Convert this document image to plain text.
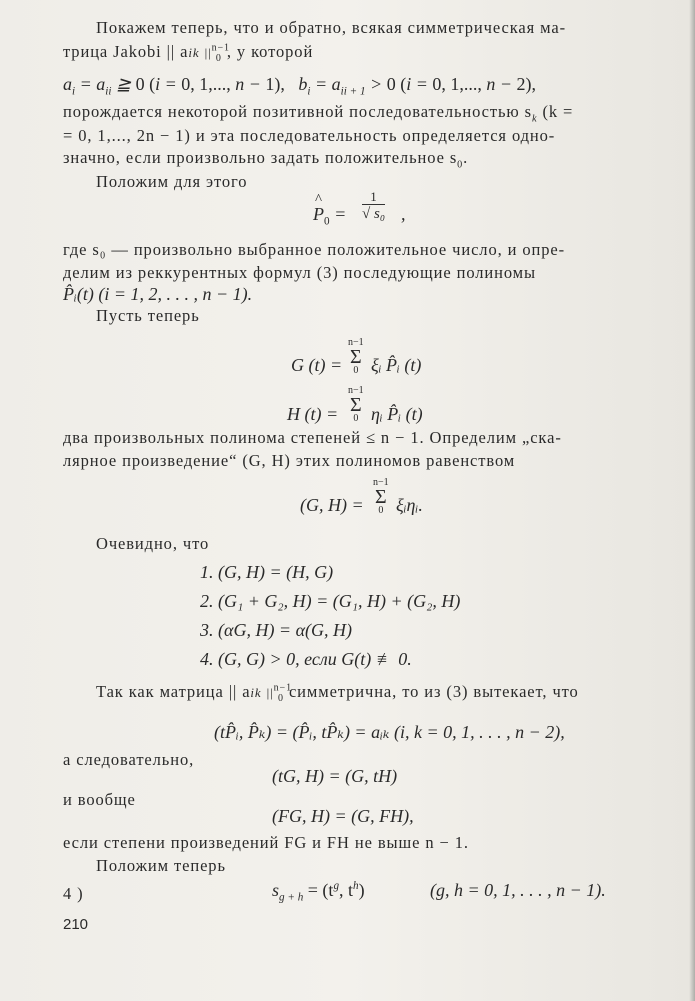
Покажем теперь, что и обратно, всякая симметрическая ма-
трица Jakobi || aik $||^{n-1}_0$ , у которой
$a_i = a_{ii}$ ≧ 0 (i = 0, 1,..., n − 1),   $b_i = a_{ii + 1} > 0$ (i = 0, 1,..., n − 2),
порождается некоторой позитивной последовательностью $s_k$ (k =
= 0, 1,..., 2n − 1) и эта последовательность определяется одно-
значно, если произвольно задать положительное $s_0$.
Положим для этого
^ $P_0 = \frac{1}{\text{√ s₀}}$ ,
где s₀ — произвольно выбранное положительное число, и опре-
делим из реккурентных формул (3) последующие полиномы
P̂ᵢ(t) (i = 1, 2, . . . , n − 1).
Пусть теперь
G (t) =
n−1
Σ
0 ξᵢ P̂ᵢ (t)
H (t) =
n−1
Σ
0 ηᵢ P̂ᵢ (t)
два произвольных полинома степеней ≤ n − 1. Определим „ска-
лярное произведение“ (G, H) этих полиномов равенством
(G, H) =
n−1
Σ
0 ξᵢηᵢ.
Очевидно, что
1. (G, H) = (H, G)
2. (G₁ + G₂, H) = (G₁, H) + (G₂, H)
3. (αG, H) = α(G, H)
4. (G, G) > 0, если G(t) ≢ 0.
Так как матрица || aik $||^{n-1}_0$ симметрична, то из (3) вытекает, что
(tP̂ᵢ, P̂ₖ) = (P̂ᵢ, tP̂ₖ) = aᵢₖ (i, k = 0, 1, . . . , n − 2),
а следовательно,
(tG, H) = (G, tH)
и вообще
(FG, H) = (G, FH),
если степени произведений FG и FH не выше n − 1.
Положим теперь
4 )	$s_{g + h} = (t^g$, $t^h$)	(g, h = 0, 1, . . . , n − 1).
210
